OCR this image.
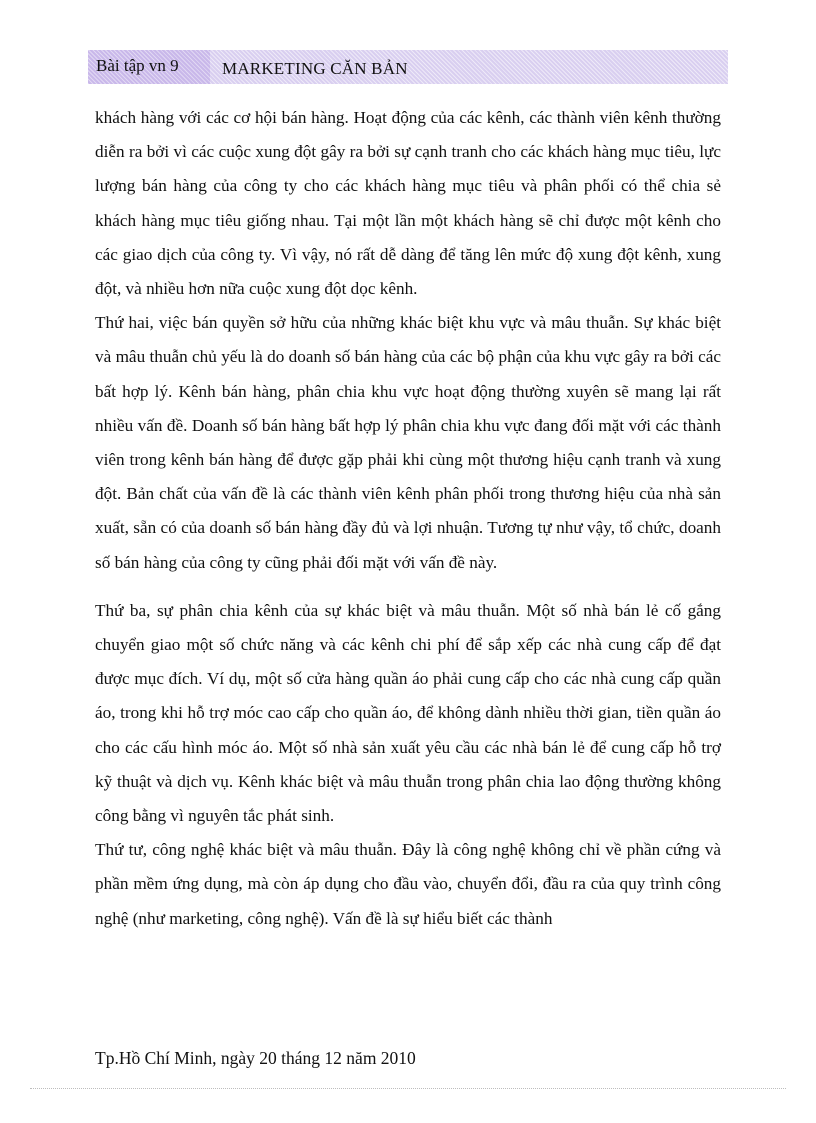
Bài tập vn 9	MARKETING CĂN BẢN

khách hàng với các cơ hội bán hàng. Hoạt động của các kênh, các thành viên kênh thường diễn ra bởi vì các cuộc xung đột gây ra bởi sự cạnh tranh cho các khách hàng mục tiêu, lực lượng bán hàng của công ty cho các khách hàng mục tiêu và phân phối có thể chia sẻ khách hàng mục tiêu giống nhau. Tại một lần một khách hàng sẽ chỉ được một kênh cho các giao dịch của công ty. Vì vậy, nó rất dễ dàng để tăng lên mức độ xung đột kênh, xung đột, và nhiều hơn nữa cuộc xung đột dọc kênh.

Thứ hai, việc bán quyền sở hữu của những khác biệt khu vực và mâu thuẫn. Sự khác biệt và mâu thuẫn chủ yếu là do doanh số bán hàng của các bộ phận của khu vực gây ra bởi các bất hợp lý. Kênh bán hàng, phân chia khu vực hoạt động thường xuyên sẽ mang lại rất nhiều vấn đề. Doanh số bán hàng bất hợp lý phân chia khu vực đang đối mặt với các thành viên trong kênh bán hàng để được gặp phải khi cùng một thương hiệu cạnh tranh và xung đột. Bản chất của vấn đề là các thành viên kênh phân phối trong thương hiệu của nhà sản xuất, sẵn có của doanh số bán hàng đầy đủ và lợi nhuận. Tương tự như vậy, tổ chức, doanh số bán hàng của công ty cũng phải đối mặt với vấn đề này.

Thứ ba, sự phân chia kênh của sự khác biệt và mâu thuẫn. Một số nhà bán lẻ cố gắng chuyển giao một số chức năng và các kênh chi phí để sắp xếp các nhà cung cấp để đạt được mục đích. Ví dụ, một số cửa hàng quần áo phải cung cấp cho các nhà cung cấp quần áo, trong khi hỗ trợ móc cao cấp cho quần áo, để không dành nhiều thời gian, tiền quần áo cho các cấu hình móc áo. Một số nhà sản xuất yêu cầu các nhà bán lẻ để cung cấp hỗ trợ kỹ thuật và dịch vụ. Kênh khác biệt và mâu thuẫn trong phân chia lao động thường không công bằng vì nguyên tắc phát sinh.

Thứ tư, công nghệ khác biệt và mâu thuẫn. Đây là công nghệ không chỉ về phần cứng và phần mềm ứng dụng, mà còn áp dụng cho đầu vào, chuyển đổi, đầu ra của quy trình công nghệ (như marketing, công nghệ). Vấn đề là sự hiểu biết các thành

Tp.Hồ Chí Minh, ngày 20 tháng 12 năm 2010
